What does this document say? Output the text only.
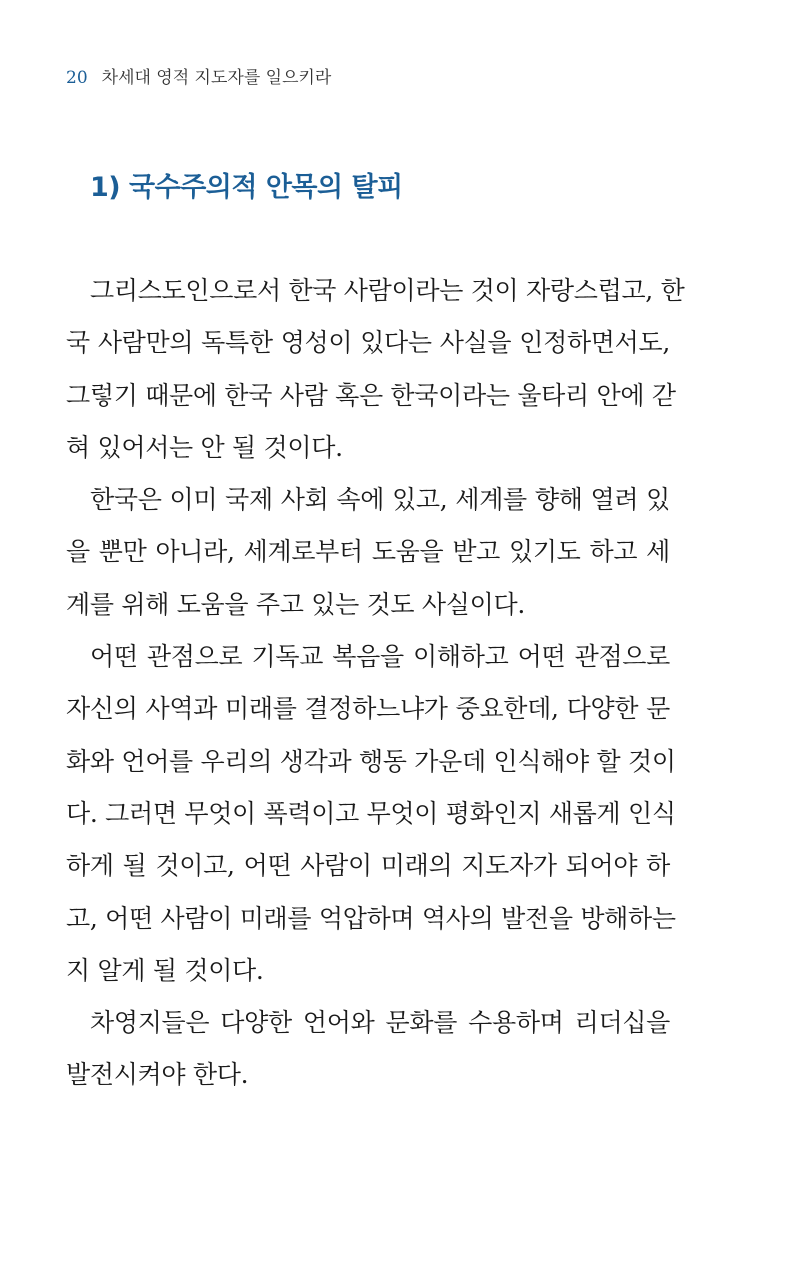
20 차세대 영적 지도자를 일으키라
1) 국수주의적 안목의 탈피
그리스도인으로서 한국 사람이라는 것이 자랑스럽고, 한
국 사람만의 독특한 영성이 있다는 사실을 인정하면서도,
그렇기 때문에 한국 사람 혹은 한국이라는 울타리 안에 갇
혀 있어서는 안 될 것이다.
한국은 이미 국제 사회 속에 있고, 세계를 향해 열려 있
을 뿐만 아니라, 세계로부터 도움을 받고 있기도 하고 세
계를 위해 도움을 주고 있는 것도 사실이다.
어떤 관점으로 기독교 복음을 이해하고 어떤 관점으로
자신의 사역과 미래를 결정하느냐가 중요한데, 다양한 문
화와 언어를 우리의 생각과 행동 가운데 인식해야 할 것이
다. 그러면 무엇이 폭력이고 무엇이 평화인지 새롭게 인식
하게 될 것이고, 어떤 사람이 미래의 지도자가 되어야 하
고, 어떤 사람이 미래를 억압하며 역사의 발전을 방해하는
지 알게 될 것이다.
차영지들은 다양한 언어와 문화를 수용하며 리더십을
발전시켜야 한다.
